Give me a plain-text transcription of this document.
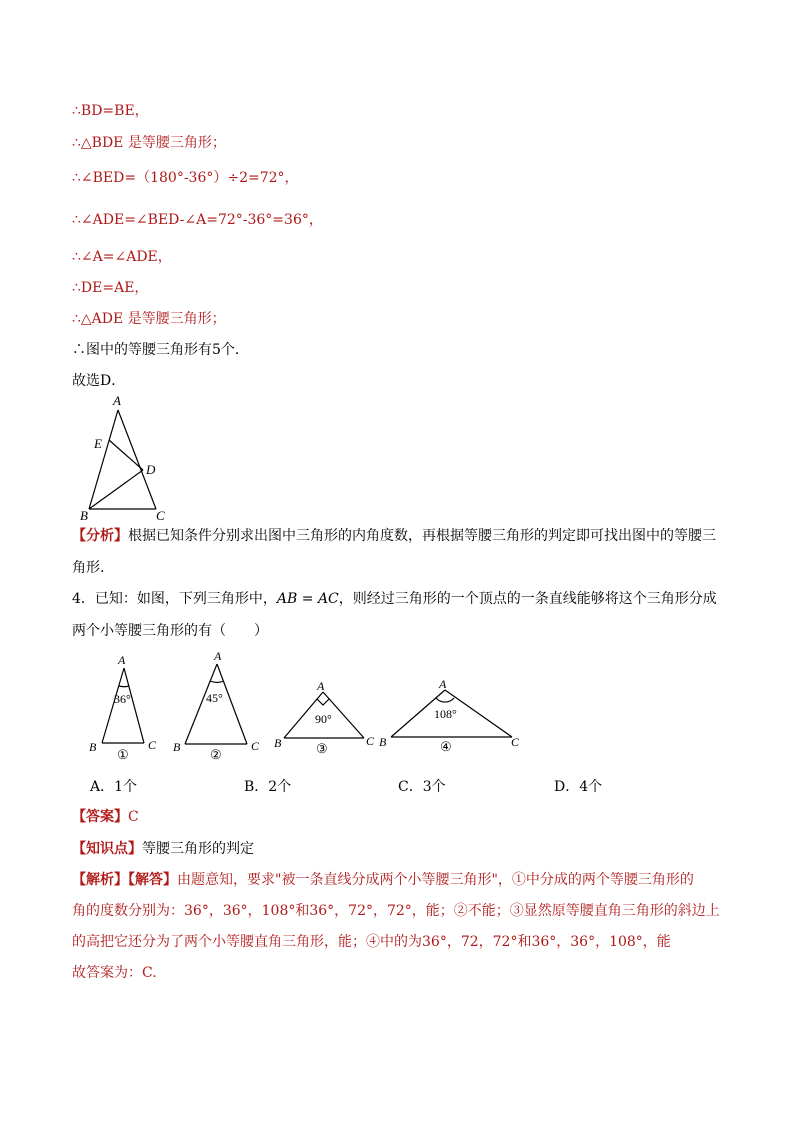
∴BD=BE，
∴△BDE 是等腰三角形；
∴∠BED=（180°-36°）÷2=72°，
∴∠ADE=∠BED-∠A=72°-36°=36°，
∴∠A=∠ADE，
∴DE=AE，
∴△ADE 是等腰三角形；
∴图中的等腰三角形有5个．
故选D．
A
E
D
B	C
【分析】根据已知条件分别求出图中三角形的内角度数，再根据等腰三角形的判定即可找出图中的等腰三角形.
4．已知：如图，下列三角形中，AB = AC，则经过三角形的一个顶点的一条直线能够将这个三角形分成两个小等腰三角形的有（　　）
A
36°
B	C
①
A
45°
B	C
②
A
90°
B	C
③
A
108°
B	C
④
A．1个	B．2个	C．3个	D．4个
【答案】C
【知识点】等腰三角形的判定
【解析】【解答】由题意知，要求"被一条直线分成两个小等腰三角形"，①中分成的两个等腰三角形的
角的度数分别为：36°，36°，108°和36°，72°，72°，能；②不能；③显然原等腰直角三角形的斜边上
的高把它还分为了两个小等腰直角三角形，能；④中的为36°，72，72°和36°，36°，108°，能
故答案为：C.
